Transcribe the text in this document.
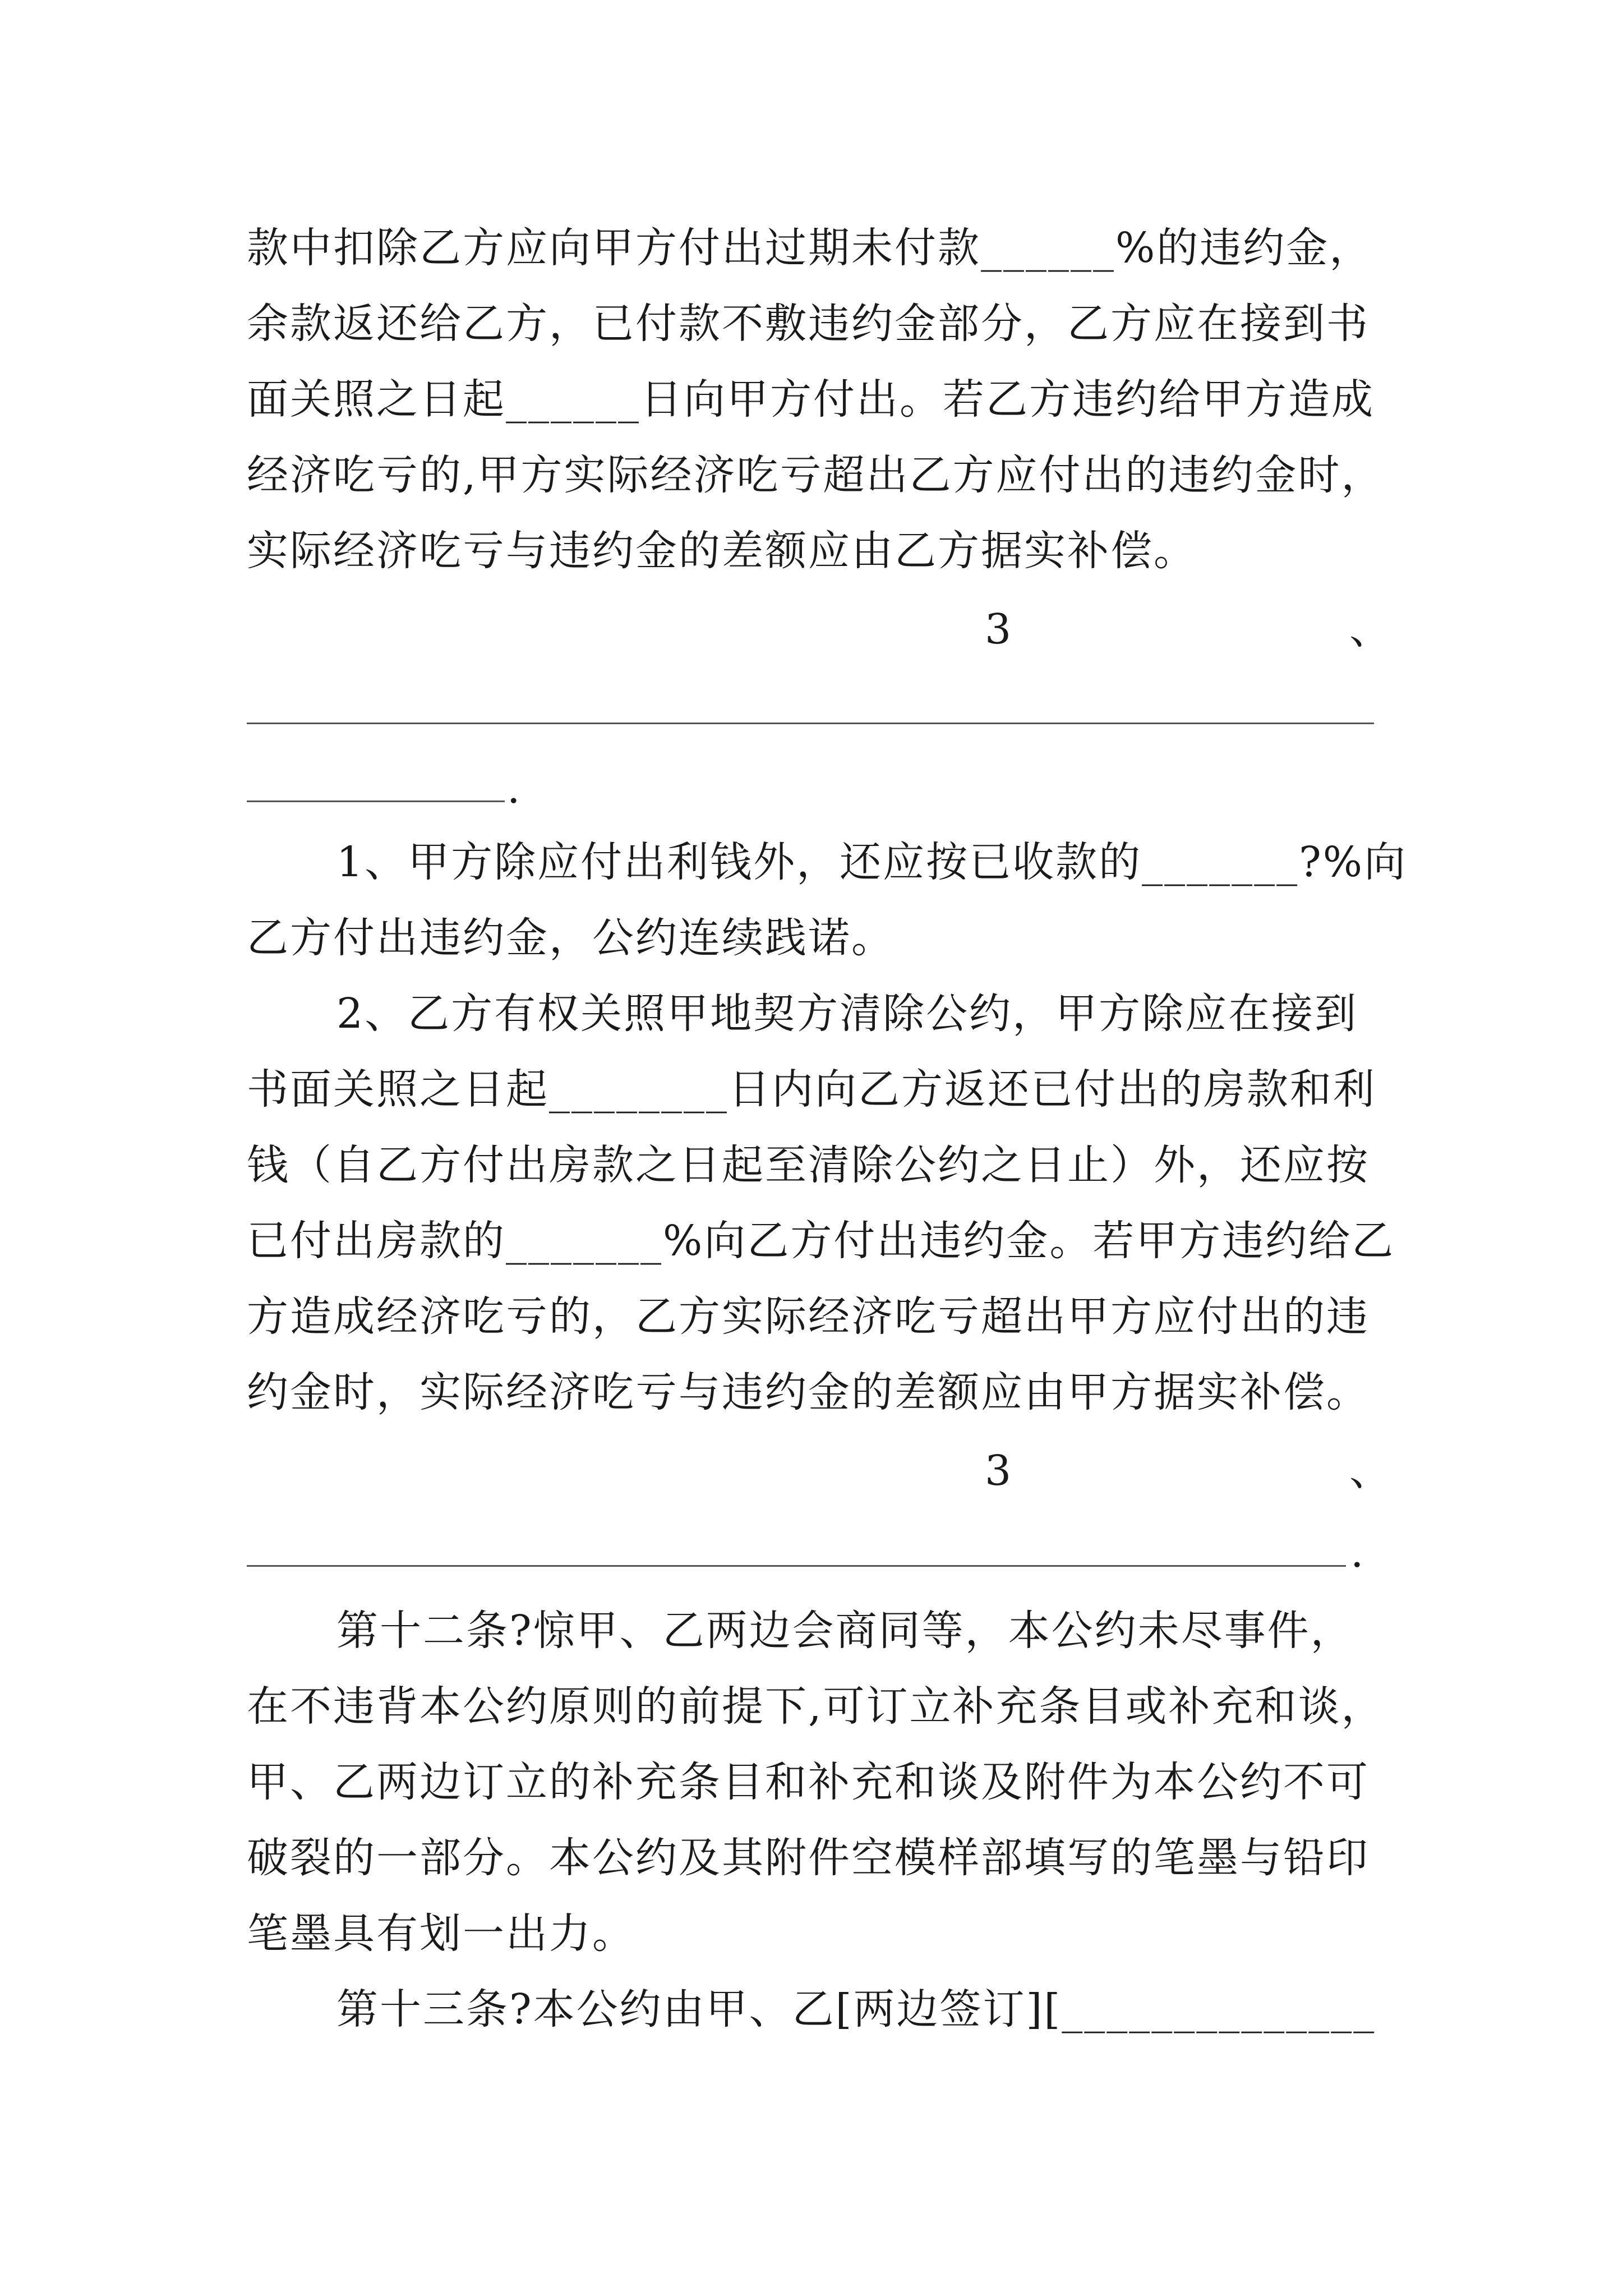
款中扣除乙方应向甲方付出过期未付款______%的违约金，
余款返还给乙方，已付款不敷违约金部分，乙方应在接到书
面关照之日起______日向甲方付出。若乙方违约给甲方造成
经济吃亏的,甲方实际经济吃亏超出乙方应付出的违约金时，
实际经济吃亏与违约金的差额应由乙方据实补偿。
3	、
.
1、甲方除应付出利钱外，还应按已收款的_______?%向
乙方付出违约金，公约连续践诺。
2、乙方有权关照甲地契方清除公约，甲方除应在接到
书面关照之日起________日内向乙方返还已付出的房款和利
钱（自乙方付出房款之日起至清除公约之日止）外，还应按
已付出房款的_______%向乙方付出违约金。若甲方违约给乙
方造成经济吃亏的，乙方实际经济吃亏超出甲方应付出的违
约金时，实际经济吃亏与违约金的差额应由甲方据实补偿。
3	、
.
第十二条?惊甲、乙两边会商同等，本公约未尽事件，
在不违背本公约原则的前提下,可订立补充条目或补充和谈，
甲、乙两边订立的补充条目和补充和谈及附件为本公约不可
破裂的一部分。本公约及其附件空模样部填写的笔墨与铅印
笔墨具有划一出力。
第十三条?本公约由甲、乙[两边签订][______________
